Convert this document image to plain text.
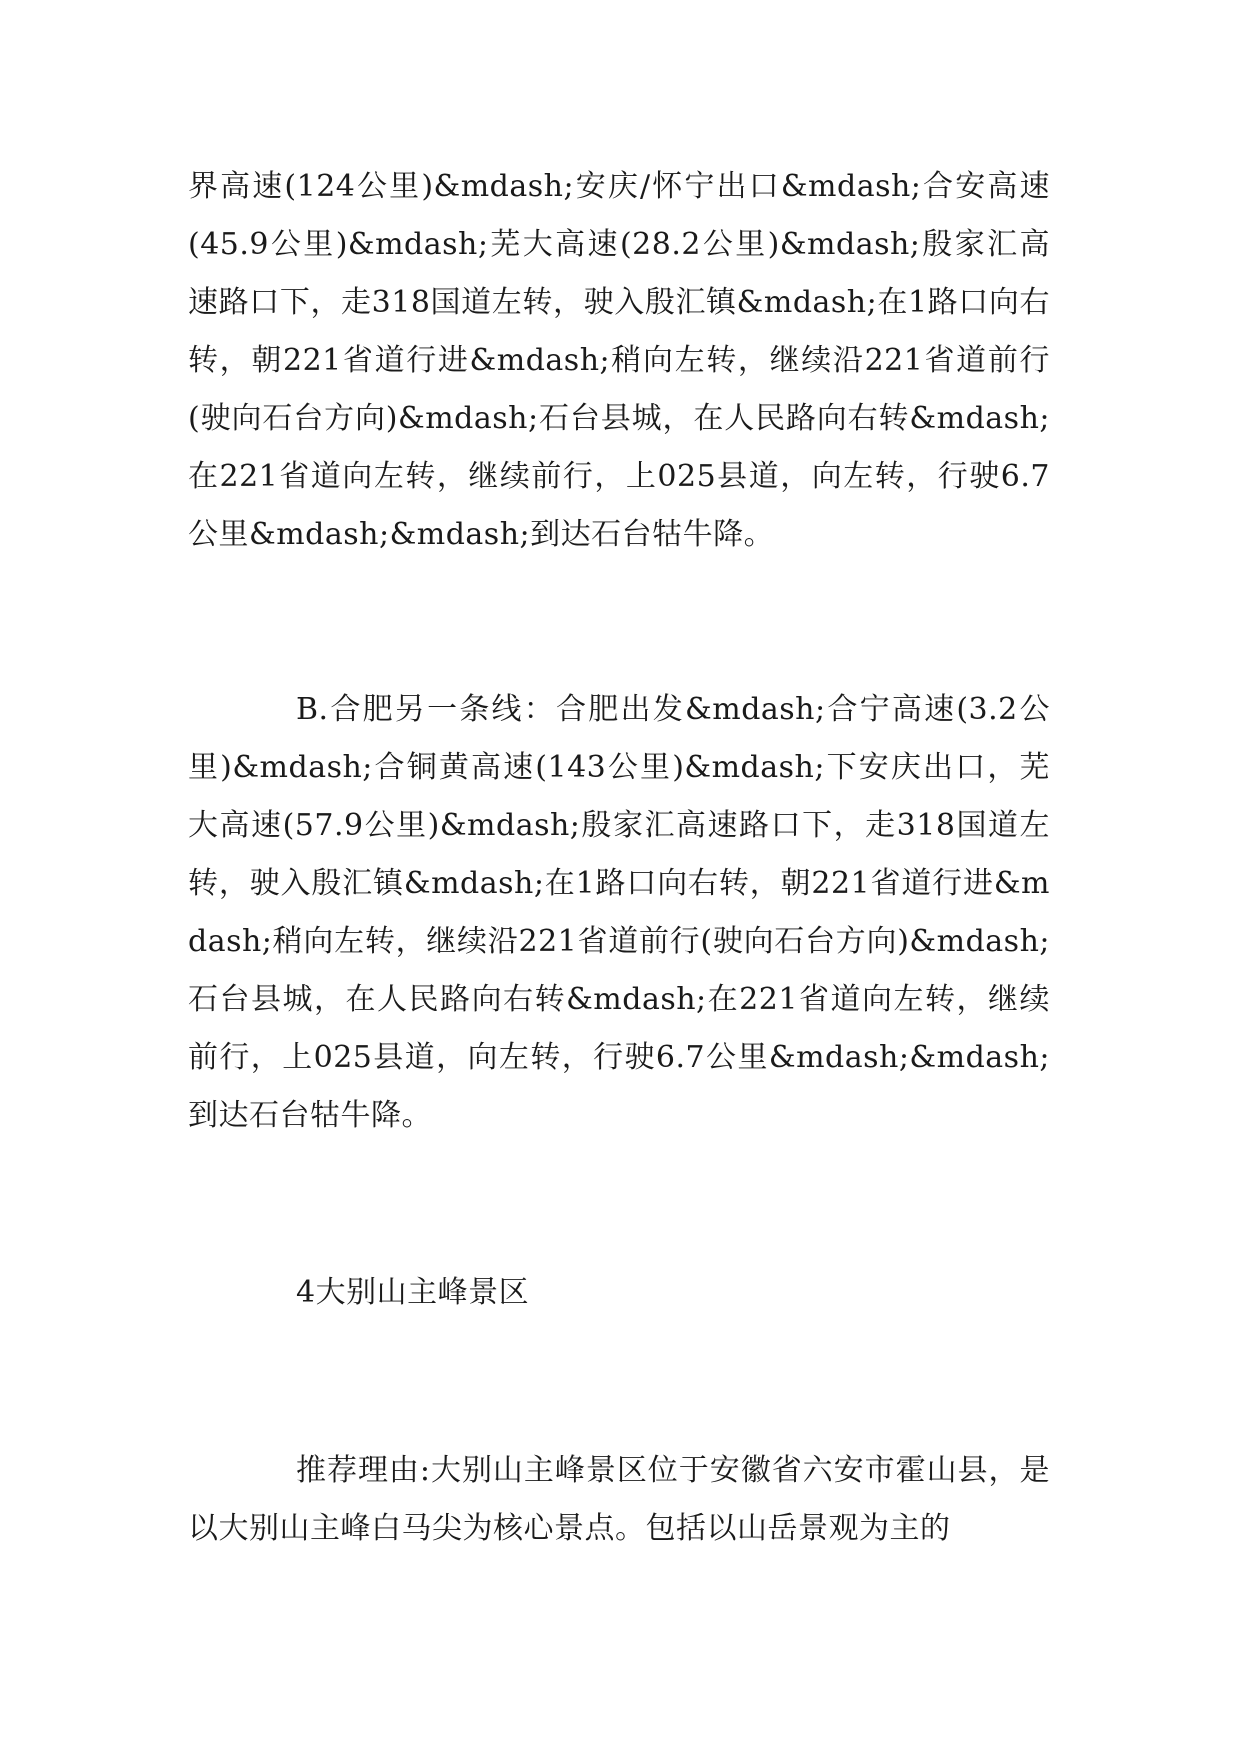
界高速(124公里)&mdash;安庆/怀宁出口&mdash;合安高速(45.9公里)&mdash;芜大高速(28.2公里)&mdash;殷家汇高速路口下，走318国道左转，驶入殷汇镇&mdash;在1路口向右转，朝221省道行进&mdash;稍向左转，继续沿221省道前行(驶向石台方向)&mdash;石台县城，在人民路向右转&mdash;在221省道向左转，继续前行，上025县道，向左转，行驶6.7公里&mdash;&mdash;到达石台牯牛降。

B.合肥另一条线：合肥出发&mdash;合宁高速(3.2公里)&mdash;合铜黄高速(143公里)&mdash;下安庆出口，芜大高速(57.9公里)&mdash;殷家汇高速路口下，走318国道左转，驶入殷汇镇&mdash;在1路口向右转，朝221省道行进&mdash;稍向左转，继续沿221省道前行(驶向石台方向)&mdash;石台县城，在人民路向右转&mdash;在221省道向左转，继续前行，上025县道，向左转，行驶6.7公里&mdash;&mdash;到达石台牯牛降。

4大别山主峰景区

推荐理由:大别山主峰景区位于安徽省六安市霍山县，是以大别山主峰白马尖为核心景点。包括以山岳景观为主的
